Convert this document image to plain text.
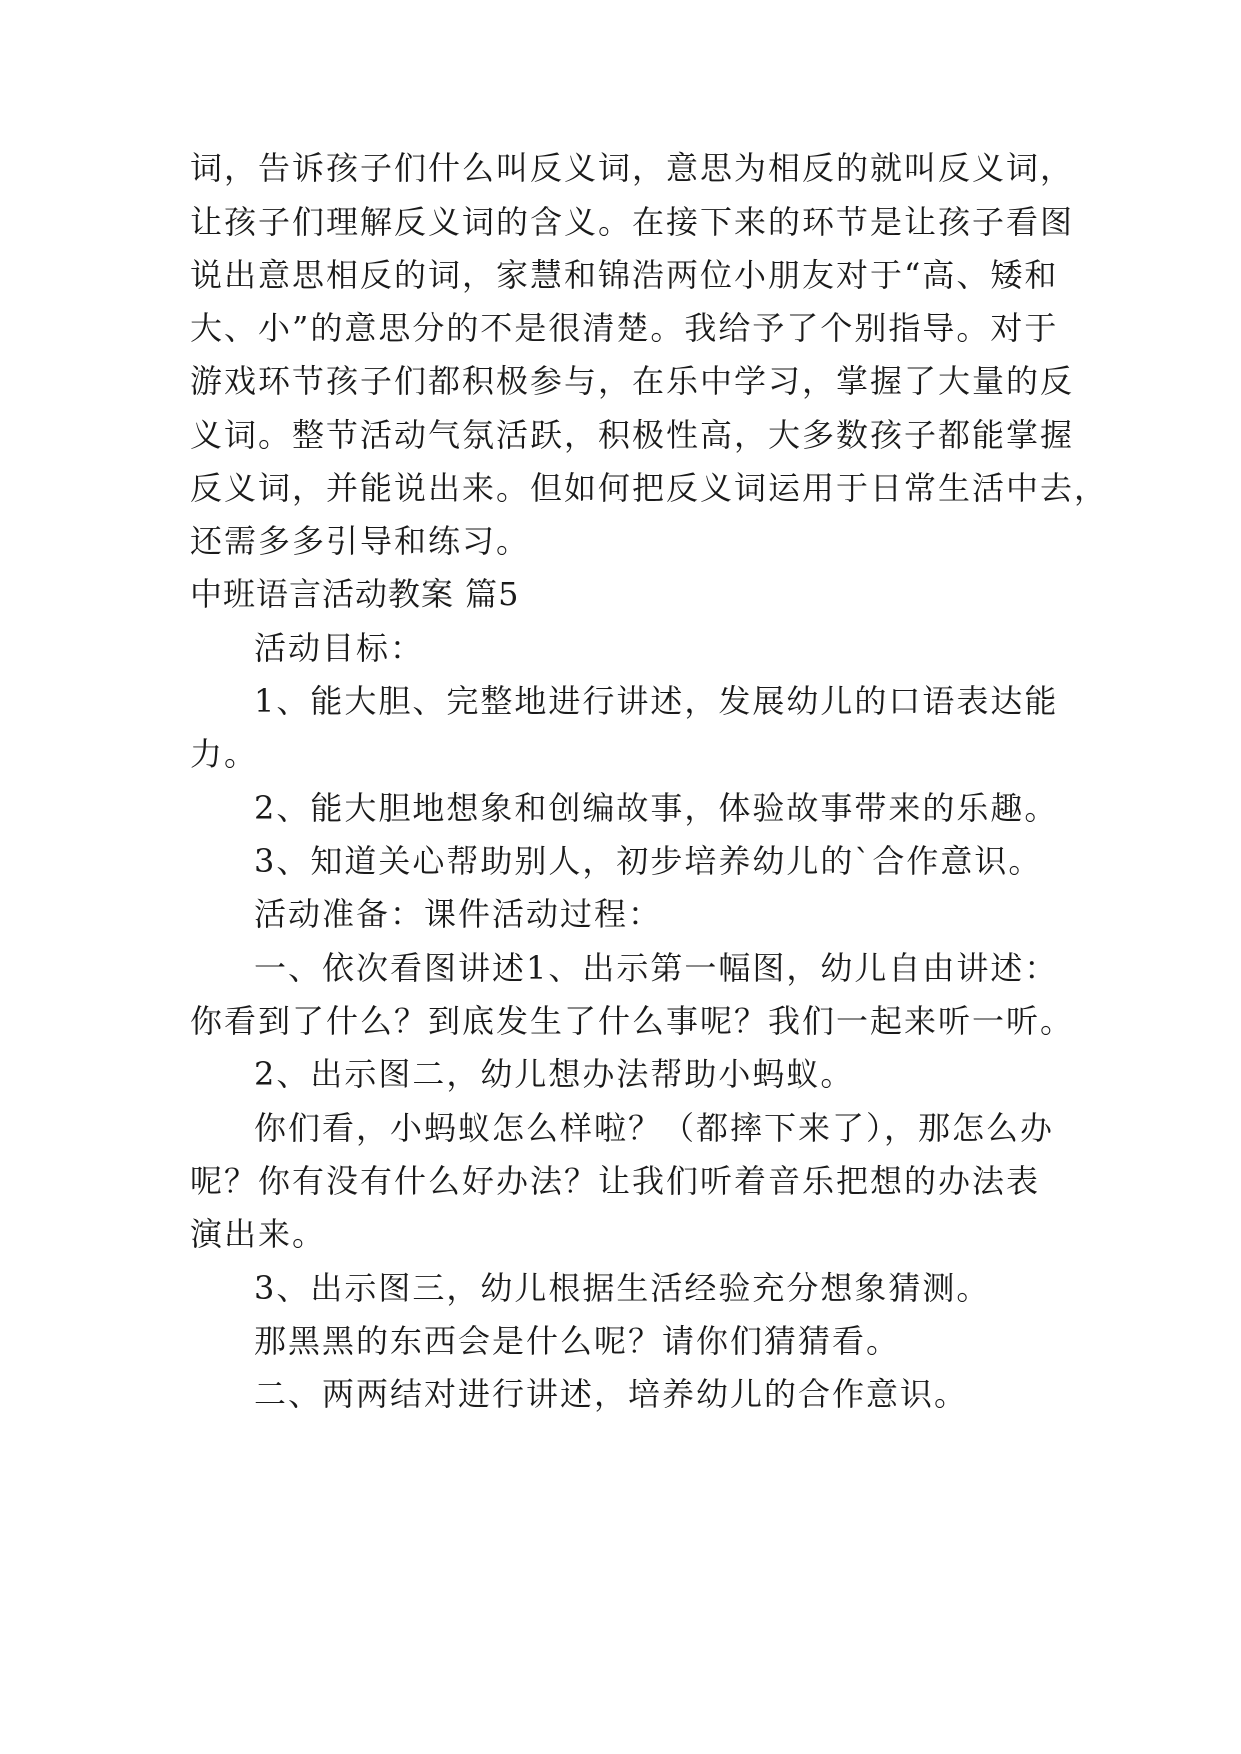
词，告诉孩子们什么叫反义词，意思为相反的就叫反义词，
让孩子们理解反义词的含义。在接下来的环节是让孩子看图
说出意思相反的词，家慧和锦浩两位小朋友对于“高、矮和
大、小”的意思分的不是很清楚。我给予了个别指导。对于
游戏环节孩子们都积极参与，在乐中学习，掌握了大量的反
义词。整节活动气氛活跃，积极性高，大多数孩子都能掌握
反义词，并能说出来。但如何把反义词运用于日常生活中去，
还需多多引导和练习。
中班语言活动教案 篇5
活动目标：
1、能大胆、完整地进行讲述，发展幼儿的口语表达能
力。
2、能大胆地想象和创编故事，体验故事带来的乐趣。
3、知道关心帮助别人，初步培养幼儿的`合作意识。
活动准备：课件活动过程：
一、依次看图讲述1、出示第一幅图，幼儿自由讲述：
你看到了什么？到底发生了什么事呢？我们一起来听一听。
2、出示图二，幼儿想办法帮助小蚂蚁。
你们看，小蚂蚁怎么样啦？（都摔下来了），那怎么办
呢？你有没有什么好办法？让我们听着音乐把想的办法表
演出来。
3、出示图三，幼儿根据生活经验充分想象猜测。
那黑黑的东西会是什么呢？请你们猜猜看。
二、两两结对进行讲述，培养幼儿的合作意识。
